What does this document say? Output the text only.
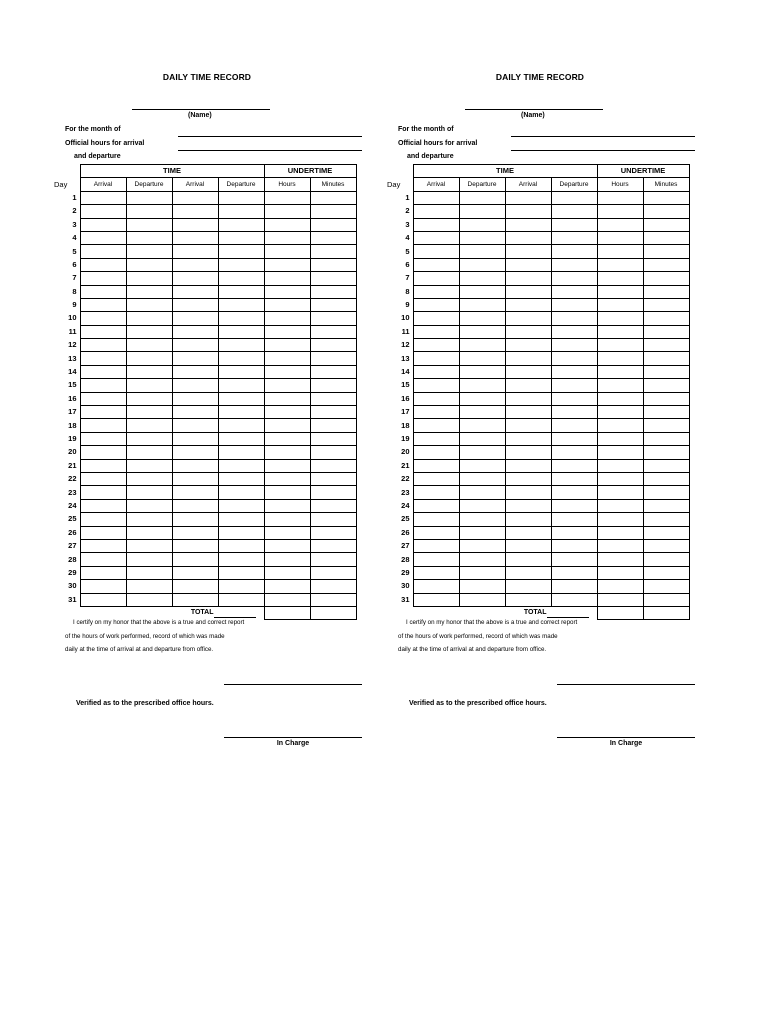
DAILY TIME RECORD
(Name)
For the month of
Official hours for arrival
and departure
	TIME				UNDERTIME	
Day	Arrival	Departure	Arrival	Departure	Hours	Minutes
1						
2						
3						
4						
5						
6						
7						
8						
9						
10						
11						
12						
13						
14						
15						
16						
17						
18						
19						
20						
21						
22						
23						
24						
25						
26						
27						
28						
29						
30						
31						
TOTAL						
I certify on my honor that the above is a true and correct report
of the hours of work performed, record of which was made
daily at the time of arrival at and departure from office.
Verified as to the prescribed office hours.
In Charge
DAILY TIME RECORD
(Name)
For the month of
Official hours for arrival
and departure
	TIME				UNDERTIME	
Day	Arrival	Departure	Arrival	Departure	Hours	Minutes
1						
2						
3						
4						
5						
6						
7						
8						
9						
10						
11						
12						
13						
14						
15						
16						
17						
18						
19						
20						
21						
22						
23						
24						
25						
26						
27						
28						
29						
30						
31						
TOTAL						
I certify on my honor that the above is a true and correct report
of the hours of work performed, record of which was made
daily at the time of arrival at and departure from office.
Verified as to the prescribed office hours.
In Charge
